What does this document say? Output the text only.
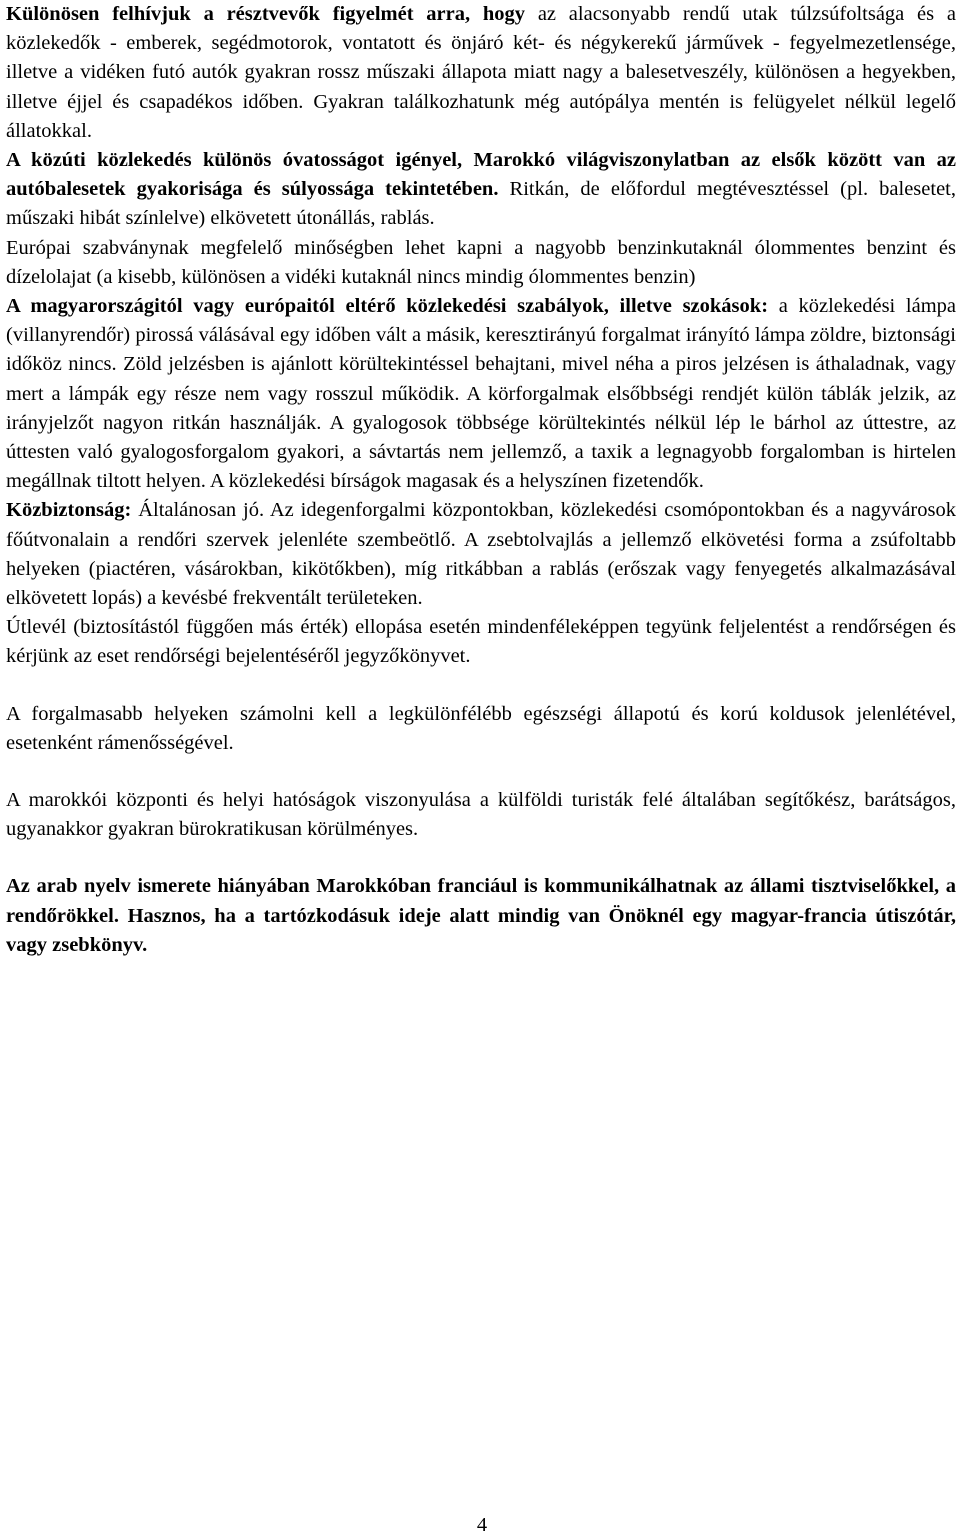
Különösen felhívjuk a résztvevők figyelmét arra, hogy az alacsonyabb rendű utak túlzsúfoltsága és a közlekedők - emberek, segédmotorok, vontatott és önjáró két- és négykerekű járművek - fegyelmezetlensége, illetve a vidéken futó autók gyakran rossz műszaki állapota miatt nagy a balesetveszély, különösen a hegyekben, illetve éjjel és csapadékos időben. Gyakran találkozhatunk még autópálya mentén is felügyelet nélkül legelő állatokkal.

A közúti közlekedés különös óvatosságot igényel, Marokkó világviszonylatban az elsők között van az autóbalesetek gyakorisága és súlyossága tekintetében. Ritkán, de előfordul megtévesztéssel (pl. balesetet, műszaki hibát színlelve) elkövetett útonállás, rablás.

Európai szabványnak megfelelő minőségben lehet kapni a nagyobb benzinkutaknál ólommentes benzint és dízelolajat (a kisebb, különösen a vidéki kutaknál nincs mindig ólommentes benzin)

A magyarországitól vagy európaitól eltérő közlekedési szabályok, illetve szokások: a közlekedési lámpa (villanyrendőr) pirossá válásával egy időben vált a másik, keresztirányú forgalmat irányító lámpa zöldre, biztonsági időköz nincs. Zöld jelzésben is ajánlott körültekintéssel behajtani, mivel néha a piros jelzésen is áthaladnak, vagy mert a lámpák egy része nem vagy rosszul működik. A körforgalmak elsőbbségi rendjét külön táblák jelzik, az irányjelzőt nagyon ritkán használják. A gyalogosok többsége körültekintés nélkül lép le bárhol az úttestre, az úttesten való gyalogosforgalom gyakori, a sávtartás nem jellemző, a taxik a legnagyobb forgalomban is hirtelen megállnak tiltott helyen. A közlekedési bírságok magasak és a helyszínen fizetendők.

Közbiztonság: Általánosan jó. Az idegenforgalmi központokban, közlekedési csomópontokban és a nagyvárosok főútvonalain a rendőri szervek jelenléte szembeötlő. A zsebtolvajlás a jellemző elkövetési forma a zsúfoltabb helyeken (piactéren, vásárokban, kikötőkben), míg ritkábban a rablás (erőszak vagy fenyegetés alkalmazásával elkövetett lopás) a kevésbé frekventált területeken.

Útlevél (biztosítástól függően más érték) ellopása esetén mindenféleképpen tegyünk feljelentést a rendőrségen és kérjünk az eset rendőrségi bejelentéséről jegyzőkönyvet.

A forgalmasabb helyeken számolni kell a legkülönfélébb egészségi állapotú és korú koldusok jelenlétével, esetenként rámenősségével.

A marokkói központi és helyi hatóságok viszonyulása a külföldi turisták felé általában segítőkész, barátságos, ugyanakkor gyakran bürokratikusan körülményes.

Az arab nyelv ismerete hiányában Marokkóban franciául is kommunikálhatnak az állami tisztviselőkkel, a rendőrökkel. Hasznos, ha a tartózkodásuk ideje alatt mindig van Önöknél egy magyar-francia útiszótár, vagy zsebkönyv.

4
